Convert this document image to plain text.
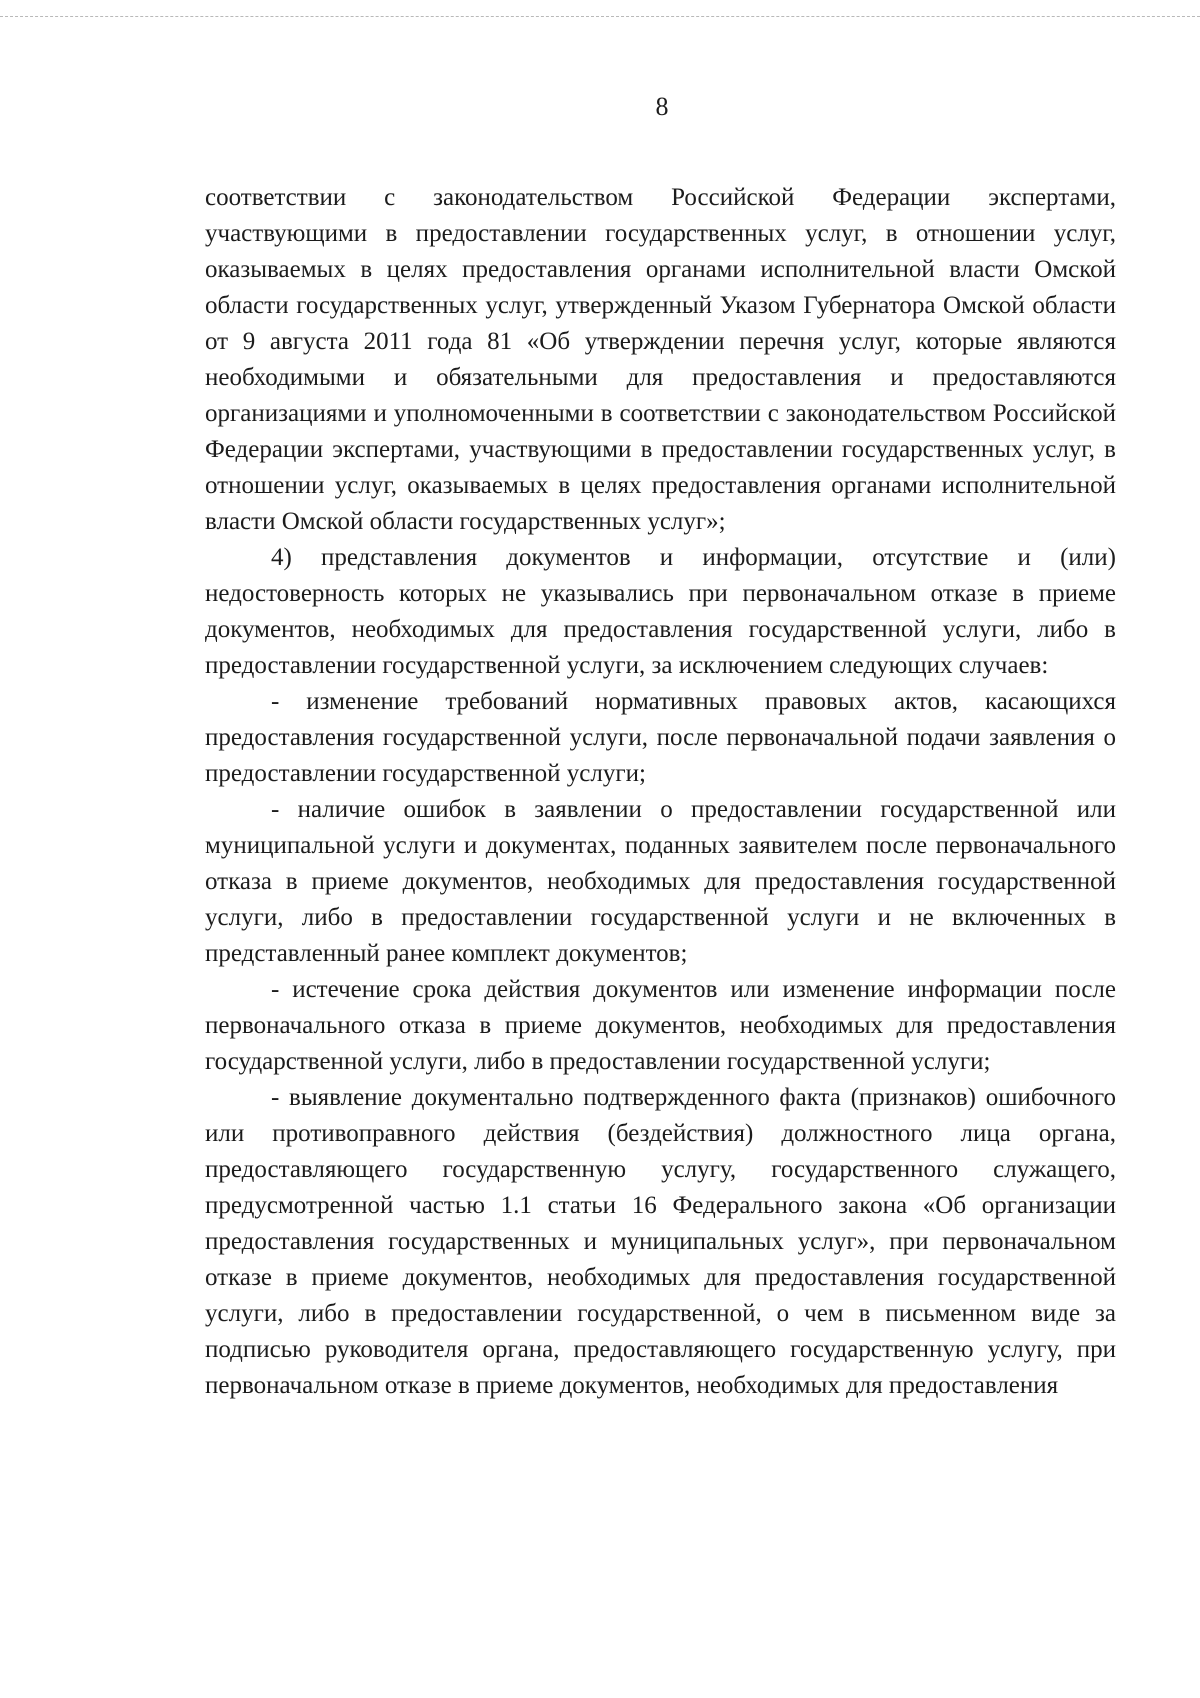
8

соответствии с законодательством Российской Федерации экспертами, участвующими в предоставлении государственных услуг, в отношении услуг, оказываемых в целях предоставления органами исполнительной власти Омской области государственных услуг, утвержденный Указом Губернатора Омской области от 9 августа 2011 года 81 «Об утверждении перечня услуг, которые являются необходимыми и обязательными для предоставления и предоставляются организациями и уполномоченными в соответствии с законодательством Российской Федерации экспертами, участвующими в предоставлении государственных услуг, в отношении услуг, оказываемых в целях предоставления органами исполнительной власти Омской области государственных услуг»;

4) представления документов и информации, отсутствие и (или) недостоверность которых не указывались при первоначальном отказе в приеме документов, необходимых для предоставления государственной услуги, либо в предоставлении государственной услуги, за исключением следующих случаев:

- изменение требований нормативных правовых актов, касающихся предоставления государственной услуги, после первоначальной подачи заявления о предоставлении государственной услуги;

- наличие ошибок в заявлении о предоставлении государственной или муниципальной услуги и документах, поданных заявителем после первоначального отказа в приеме документов, необходимых для предоставления государственной услуги, либо в предоставлении государственной услуги и не включенных в представленный ранее комплект документов;

- истечение срока действия документов или изменение информации после первоначального отказа в приеме документов, необходимых для предоставления государственной услуги, либо в предоставлении государственной услуги;

- выявление документально подтвержденного факта (признаков) ошибочного или противоправного действия (бездействия) должностного лица органа, предоставляющего государственную услугу, государственного служащего, предусмотренной частью 1.1 статьи 16 Федерального закона «Об организации предоставления государственных и муниципальных услуг», при первоначальном отказе в приеме документов, необходимых для предоставления государственной услуги, либо в предоставлении государственной, о чем в письменном виде за подписью руководителя органа, предоставляющего государственную услугу, при первоначальном отказе в приеме документов, необходимых для предоставления
